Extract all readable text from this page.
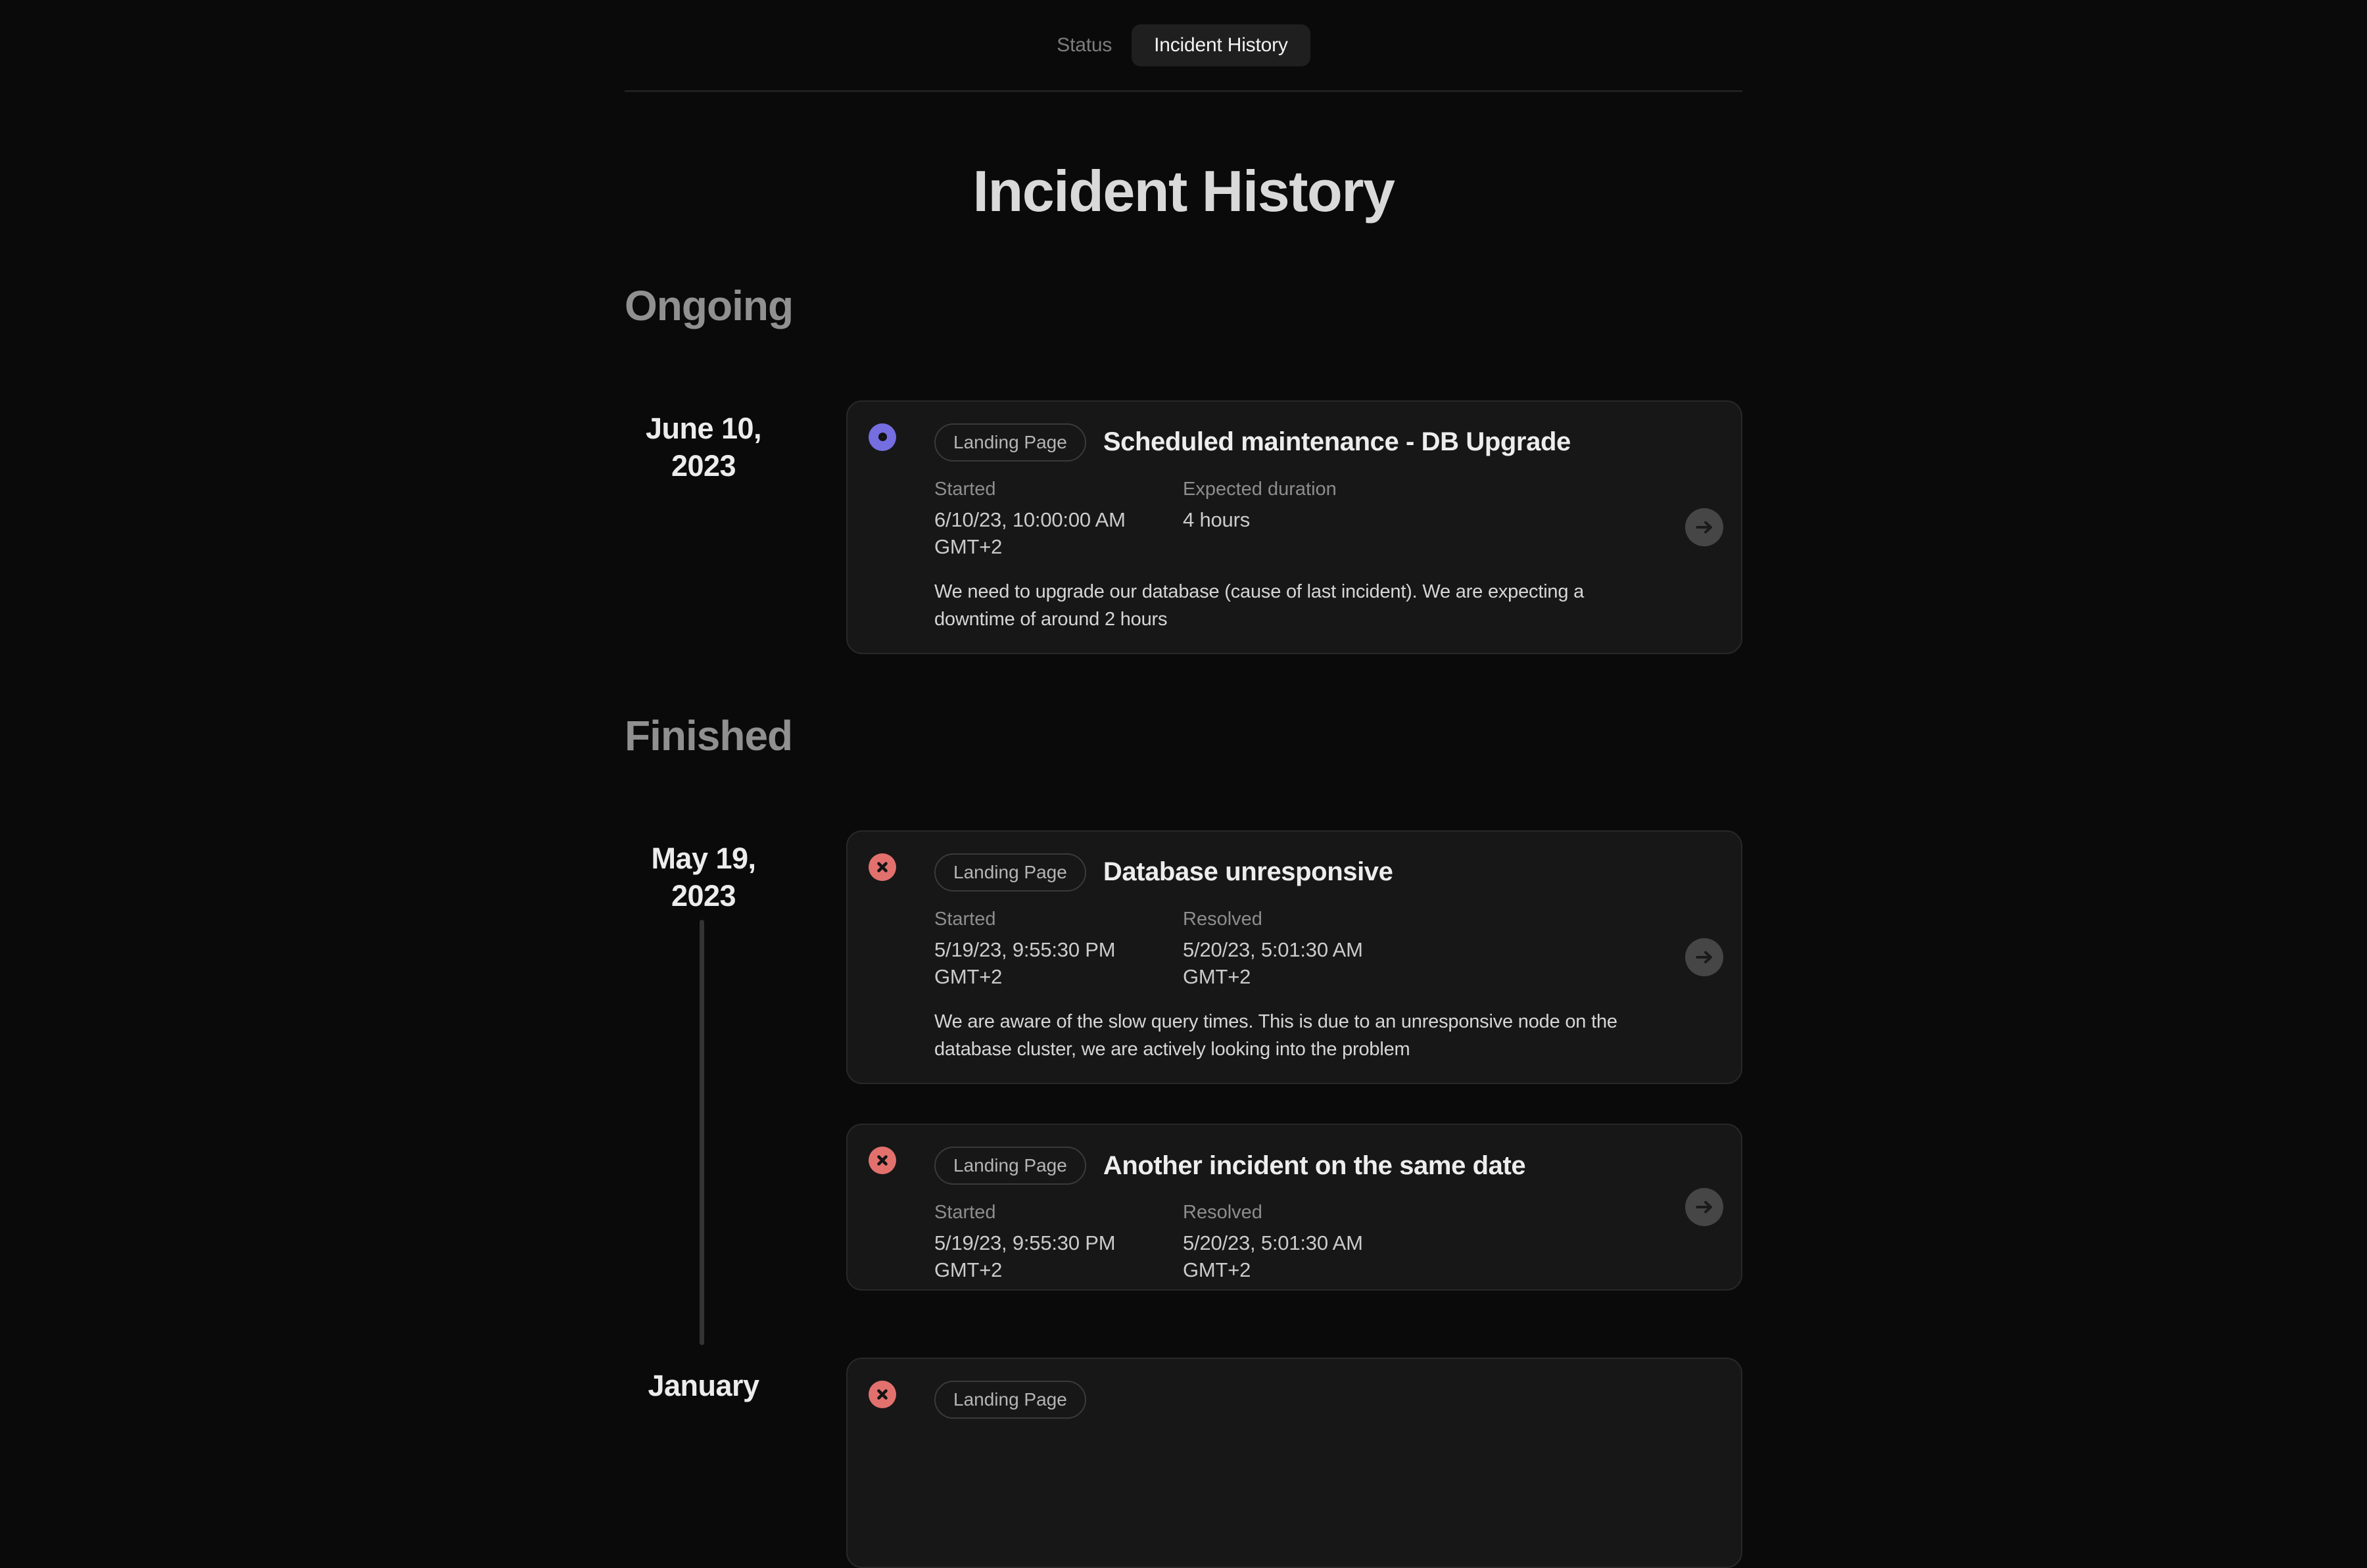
Status	Incident History
Incident History
Ongoing
June 10, 2023
Landing Page	Scheduled maintenance - DB Upgrade
Started
6/10/23, 10:00:00 AM GMT+2
Expected duration
4 hours
We need to upgrade our database (cause of last incident). We are expecting a downtime of around 2 hours
Finished
May 19, 2023
Landing Page	Database unresponsive
Started
5/19/23, 9:55:30 PM GMT+2
Resolved
5/20/23, 5:01:30 AM GMT+2
We are aware of the slow query times. This is due to an unresponsive node on the database cluster, we are actively looking into the problem
Landing Page	Another incident on the same date
Started
5/19/23, 9:55:30 PM GMT+2
Resolved
5/20/23, 5:01:30 AM GMT+2
January	Landing Page
